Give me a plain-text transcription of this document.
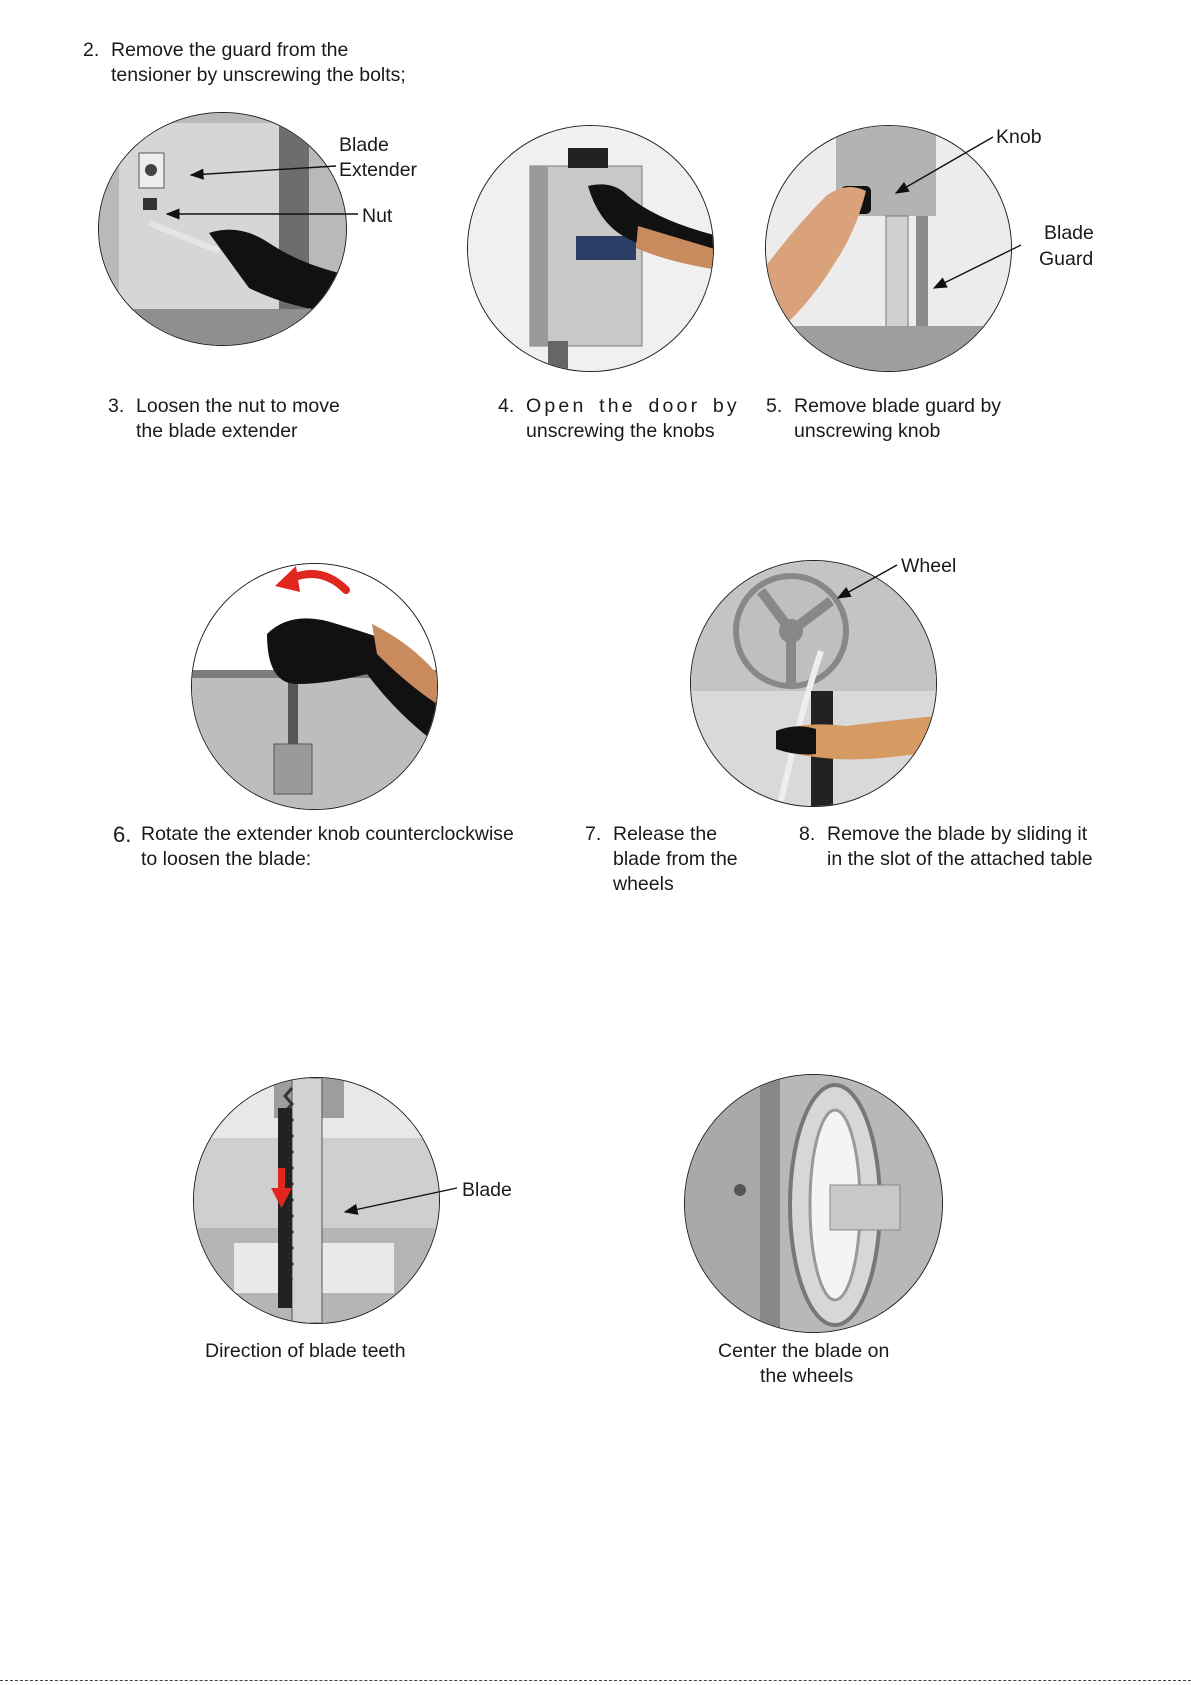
2. Remove the guard from the
tensioner by unscrewing the bolts;
Blade
Extender
Nut
Knob
Blade
Guard
3. Loosen the nut to move
the blade extender
4. Open the door by
unscrewing the knobs
5. Remove blade guard by
unscrewing knob
Wheel
6. Rotate the extender knob counterclockwise
to loosen the blade:
7. Release the
blade from the
wheels
8. Remove the blade by sliding it
in the slot of the attached table
Blade
Direction of blade teeth	Center the blade on
the wheels
